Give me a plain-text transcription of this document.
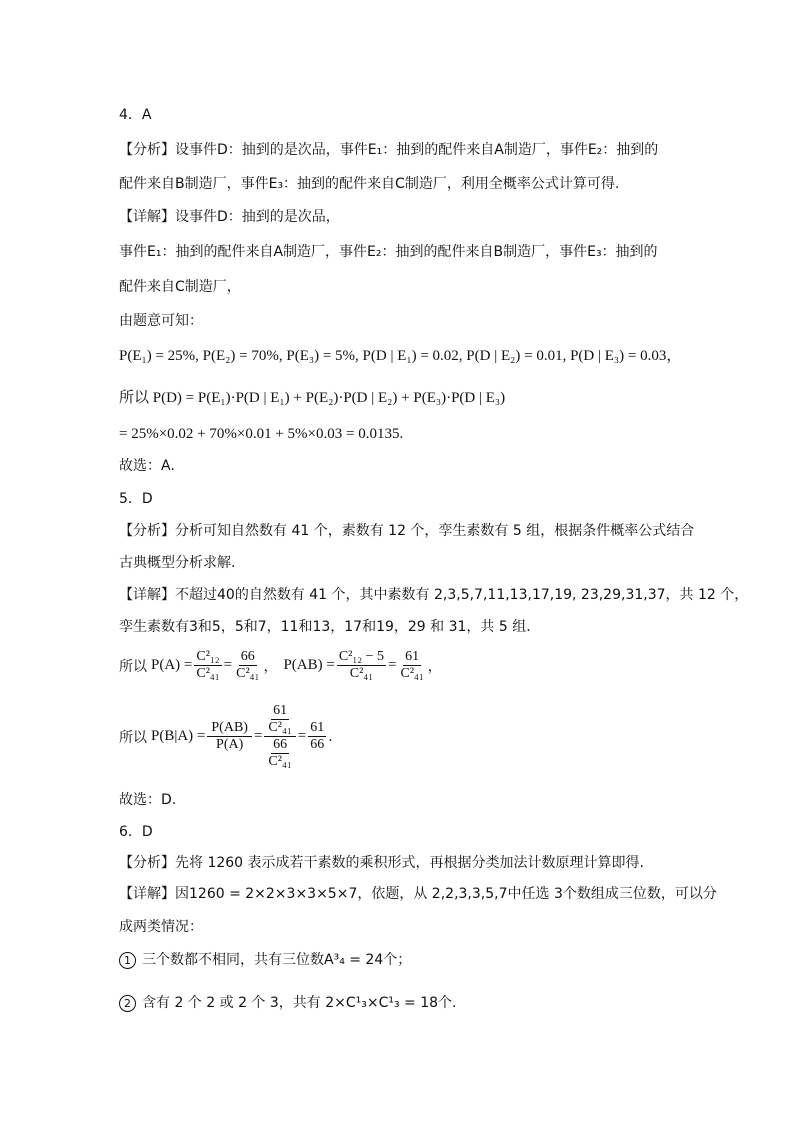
4．A
【分析】设事件D：抽到的是次品，事件E₁：抽到的配件来自A制造厂，事件E₂：抽到的
配件来自B制造厂，事件E₃：抽到的配件来自C制造厂，利用全概率公式计算可得.
【详解】设事件D：抽到的是次品，
事件E₁：抽到的配件来自A制造厂，事件E₂：抽到的配件来自B制造厂，事件E₃：抽到的
配件来自C制造厂，
由题意可知：
P(E₁) = 25%, P(E₂) = 70%, P(E₃) = 5%, P(D | E₁) = 0.02, P(D | E₂) = 0.01, P(D | E₃) = 0.03，
所以 P(D) = P(E₁)·P(D | E₁) + P(E₂)·P(D | E₂) + P(E₃)·P(D | E₃)
= 25%×0.02 + 70%×0.01 + 5%×0.03 = 0.0135.
故选：A.
5．D
【分析】分析可知自然数有 41 个，素数有 12 个，孪生素数有 5 组，根据条件概率公式结合
古典概型分析求解.
【详解】不超过40的自然数有 41 个，其中素数有 2,3,5,7,11,13,17,19, 23,29,31,37，共 12 个，
孪生素数有3和5，5和7，11和13，17和19，29 和 31，共 5 组.
所以 $P(A) = \frac{\text{C²₁₂}}{\text{C²₄₁}} = \frac{66}{\text{C²₄₁}}$ ， $P(AB) = \frac{\text{C²₁₂ − 5}}{\text{C²₄₁}} = \frac{61}{\text{C²₄₁}}$ ，
所以 $P(B|A) = \frac{P(AB)}{P(A)} = \frac{\frac{61}{\text{C²₄₁}}}{\frac{66}{\text{C²₄₁}}} = \frac{61}{66}$ .
故选：D.
6．D
【分析】先将 1260 表示成若干素数的乘积形式，再根据分类加法计数原理计算即得.
【详解】因1260 = 2×2×3×3×5×7，依题，从 2,2,3,3,5,7中任选 3个数组成三位数，可以分
成两类情况：
1 三个数都不相同，共有三位数A³₄ = 24个；
2 含有 2 个 2 或 2 个 3，共有 2×C¹₃×C¹₃ = 18个.
